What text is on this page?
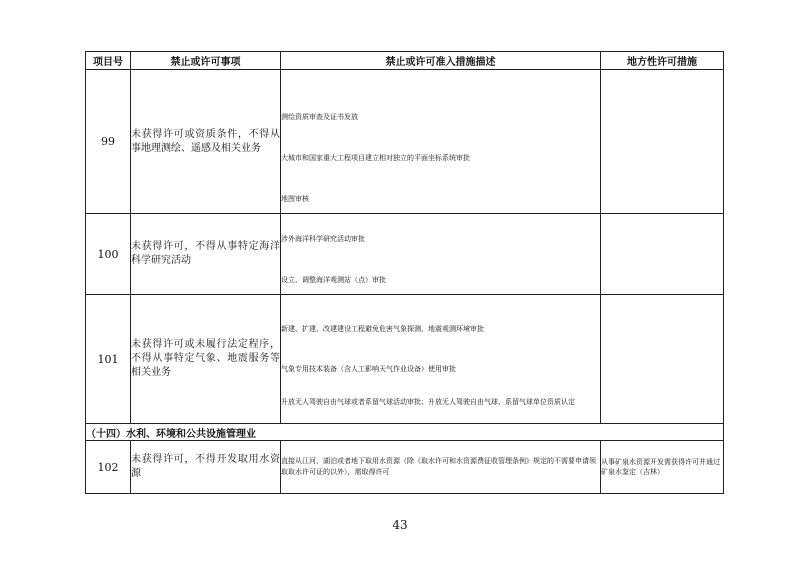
项目号	禁止或许可事项	禁止或许可准入措施描述	地方性许可措施
99	未获得许可或资质条件，不得从事地理测绘、遥感及相关业务	测绘资质审查及证书发放
大城市和国家重大工程项目建立相对独立的平面坐标系统审批
地图审核	

100	未获得许可，不得从事特定海洋科学研究活动	涉外海洋科学研究活动审批
设立、调整海洋观测站（点）审批	

101	未获得许可或未履行法定程序，不得从事特定气象、地震服务等相关业务	新建、扩建、改建建设工程避免危害气象探测、地震观测环境审批
气象专用技术装备（含人工影响天气作业设备）使用审批
升放无人驾驶自由气球或者系留气球活动审批；升放无人驾驶自由气球、系留气球单位资质认定	

（十四）水利、环境和公共设施管理业			
102	未获得许可，不得开发取用水资源	直接从江河、湖泊或者地下取用水资源（除《取水许可和水资源费征收管理条例》规定的不需要申请领取取水许可证的以外），需取得许可	从事矿泉水资源开发需获得许可并通过矿泉水鉴定（吉林）
43
